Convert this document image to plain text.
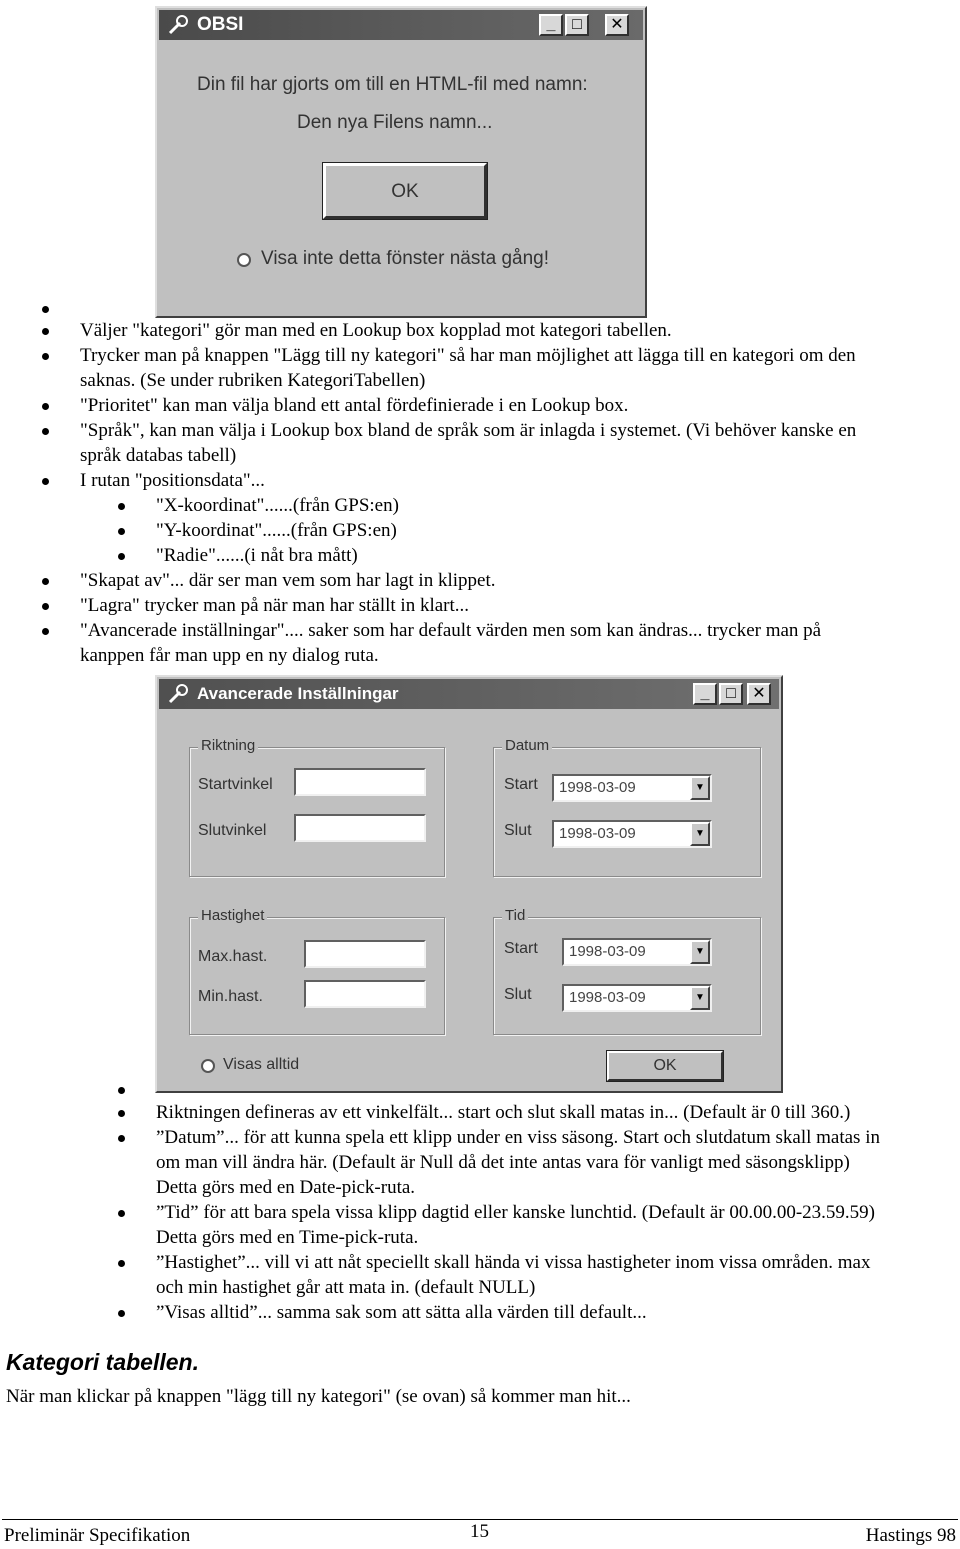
OBSI	_	□	✕
Din fil har gjorts om till en HTML-fil med namn:
Den nya Filens namn...
OK
Visa inte detta fönster nästa gång!
Väljer "kategori" gör man med en Lookup box kopplad mot kategori tabellen.
Trycker man på knappen "Lägg till ny kategori" så har man möjlighet att lägga till en kategori om den
saknas. (Se under rubriken KategoriTabellen)
"Prioritet" kan man välja bland ett antal fördefinierade i en Lookup box.
"Språk", kan man välja i Lookup box bland de språk som är inlagda i systemet. (Vi behöver kanske en
språk databas tabell)
I rutan "positionsdata"...
"X-koordinat"......(från GPS:en)
"Y-koordinat"......(från GPS:en)
"Radie"......(i nåt bra mått)
"Skapat av"... där ser man vem som har lagt in klippet.
"Lagra" trycker man på när man har ställt in klart...
"Avancerade inställningar".... saker som har default värden men som kan ändras... trycker man på
kanppen får man upp en ny dialog ruta.
Avancerade Inställningar	_	□	✕
Riktning
Startvinkel
Slutvinkel
Datum
Start	1998-03-09	▼
Slut	1998-03-09	▼
Hastighet
Max.hast.
Min.hast.
Tid
Start	1998-03-09	▼
Slut	1998-03-09	▼
Visas alltid	OK
Riktningen defineras av ett vinkelfält... start och slut skall matas in... (Default är 0 till 360.)
”Datum”... för att kunna spela ett klipp under en viss säsong. Start och slutdatum skall matas in
om man vill ändra här. (Default är Null då det inte antas vara för vanligt med säsongsklipp)
Detta görs med en Date-pick-ruta.
”Tid” för att bara spela vissa klipp dagtid eller kanske lunchtid. (Default är 00.00.00-23.59.59)
Detta görs med en Time-pick-ruta.
”Hastighet”... vill vi att nåt speciellt skall hända vi vissa hastigheter inom vissa områden. max
och min hastighet går att mata in. (default NULL)
”Visas alltid”... samma sak som att sätta alla värden till default...
Kategori tabellen.
När man klickar på knappen "lägg till ny kategori" (se ovan) så kommer man hit...
Preliminär Specifikation	15	Hastings 98
